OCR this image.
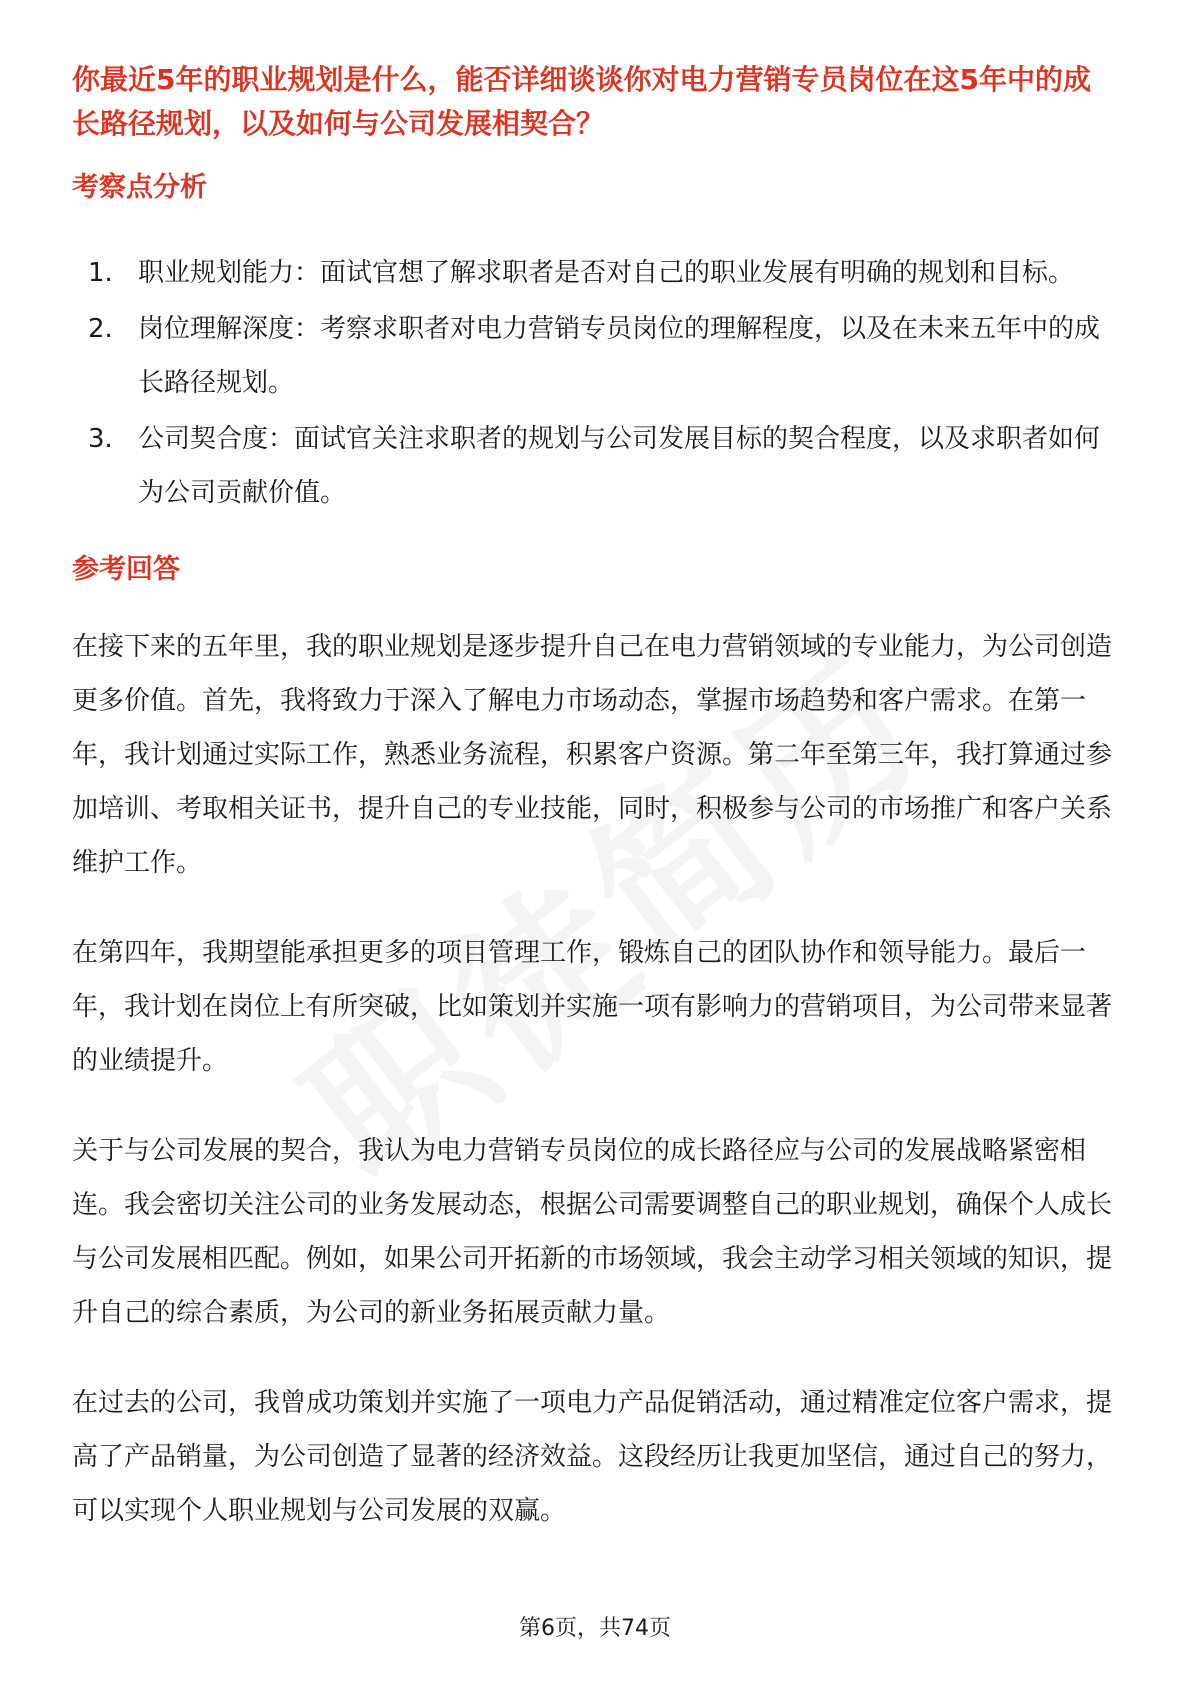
你最近5年的职业规划是什么，能否详细谈谈你对电力营销专员岗位在这5年中的成长路径规划，以及如何与公司发展相契合？

考察点分析

1. 职业规划能力：面试官想了解求职者是否对自己的职业发展有明确的规划和目标。
2. 岗位理解深度：考察求职者对电力营销专员岗位的理解程度，以及在未来五年中的成长路径规划。
3. 公司契合度：面试官关注求职者的规划与公司发展目标的契合程度，以及求职者如何为公司贡献价值。

参考回答

在接下来的五年里，我的职业规划是逐步提升自己在电力营销领域的专业能力，为公司创造更多价值。首先，我将致力于深入了解电力市场动态，掌握市场趋势和客户需求。在第一年，我计划通过实际工作，熟悉业务流程，积累客户资源。第二年至第三年，我打算通过参加培训、考取相关证书，提升自己的专业技能，同时，积极参与公司的市场推广和客户关系维护工作。

在第四年，我期望能承担更多的项目管理工作，锻炼自己的团队协作和领导能力。最后一年，我计划在岗位上有所突破，比如策划并实施一项有影响力的营销项目，为公司带来显著的业绩提升。

关于与公司发展的契合，我认为电力营销专员岗位的成长路径应与公司的发展战略紧密相连。我会密切关注公司的业务发展动态，根据公司需要调整自己的职业规划，确保个人成长与公司发展相匹配。例如，如果公司开拓新的市场领域，我会主动学习相关领域的知识，提升自己的综合素质，为公司的新业务拓展贡献力量。

在过去的公司，我曾成功策划并实施了一项电力产品促销活动，通过精准定位客户需求，提高了产品销量，为公司创造了显著的经济效益。这段经历让我更加坚信，通过自己的努力，可以实现个人职业规划与公司发展的双赢。

第6页，共74页
